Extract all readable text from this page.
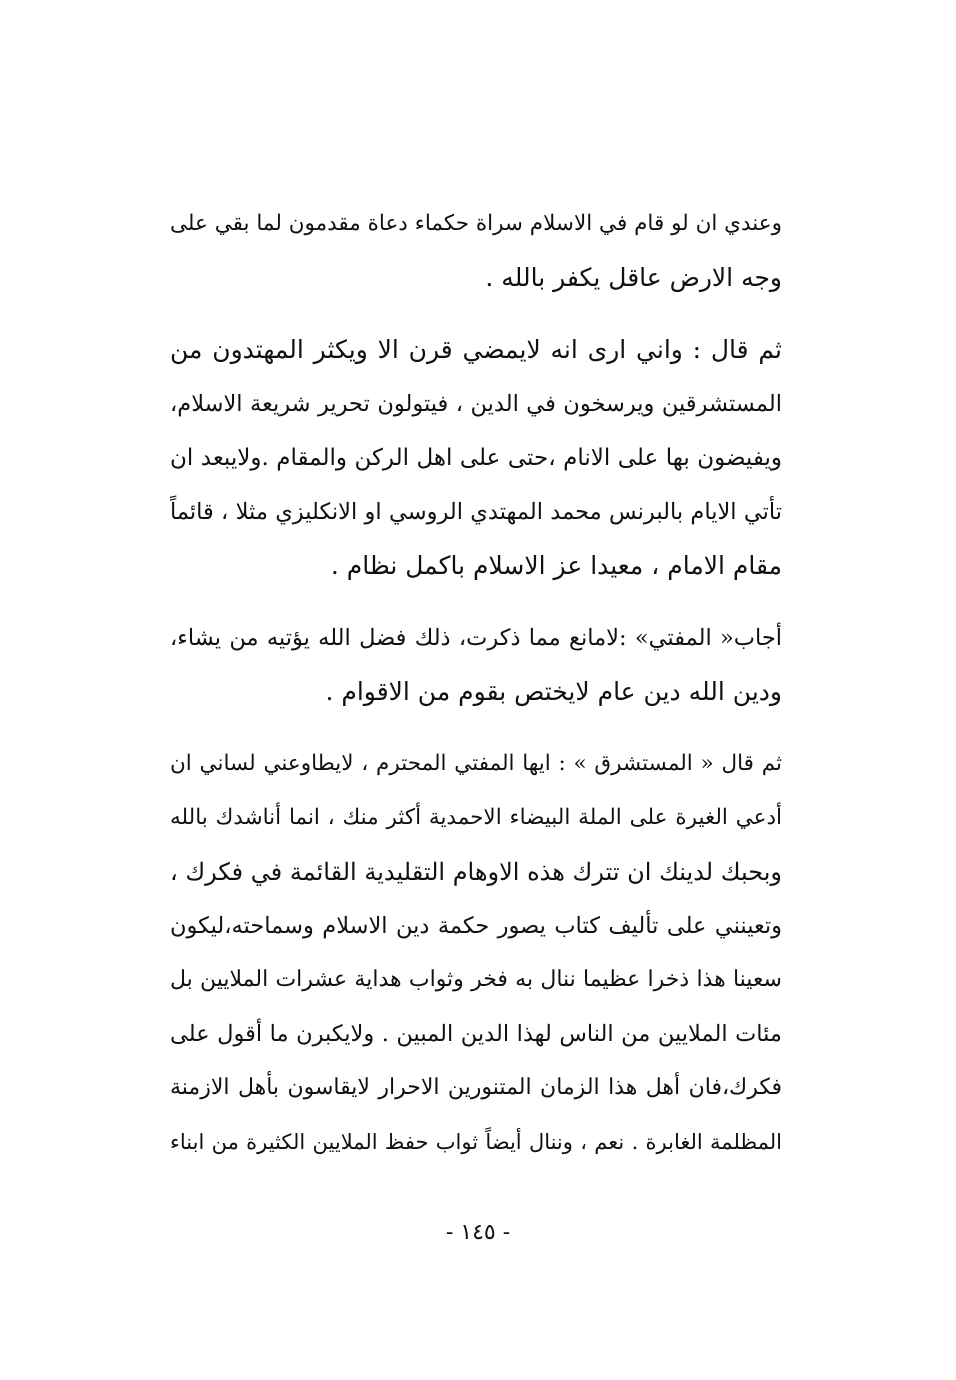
وعندي ان لو قام في الاسلام سراة حكماء دعاة مقدمون لما بقي على
وجه الارض عاقل يكفر بالله .
ثم قال : واني ارى انه لايمضي قرن الا ويكثر المهتدون من
المستشرقين ويرسخون في الدين ، فيتولون تحرير شريعة الاسلام،
ويفيضون بها على الانام ،حتى على اهل الركن والمقام .ولايبعد ان
تأتي الايام بالبرنس محمد المهتدي الروسي او الانكليزي مثلا ، قائماً
مقام الامام ، معيدا عز الاسلام باكمل نظام .
أجاب« المفتي» :لامانع مما ذكرت، ذلك فضل الله يؤتيه من يشاء،
ودين الله دين عام لايختص بقوم من الاقوام .
ثم قال « المستشرق » : ايها المفتي المحترم ، لايطاوعني لساني ان
أدعي الغيرة على الملة البيضاء الاحمدية أكثر منك ، انما أناشدك بالله
وبحبك لدينك ان تترك هذه الاوهام التقليدية القائمة في فكرك ،
وتعينني على تأليف كتاب يصور حكمة دين الاسلام وسماحته،ليكون
سعينا هذا ذخرا عظيما ننال به فخر وثواب هداية عشرات الملايين بل
مئات الملايين من الناس لهذا الدين المبين . ولايكبرن ما أقول على
فكرك،فان أهل هذا الزمان المتنورين الاحرار لايقاسون بأهل الازمنة
المظلمة الغابرة . نعم ، وننال أيضاً ثواب حفظ الملايين الكثيرة من ابناء
- ١٤٥ -
